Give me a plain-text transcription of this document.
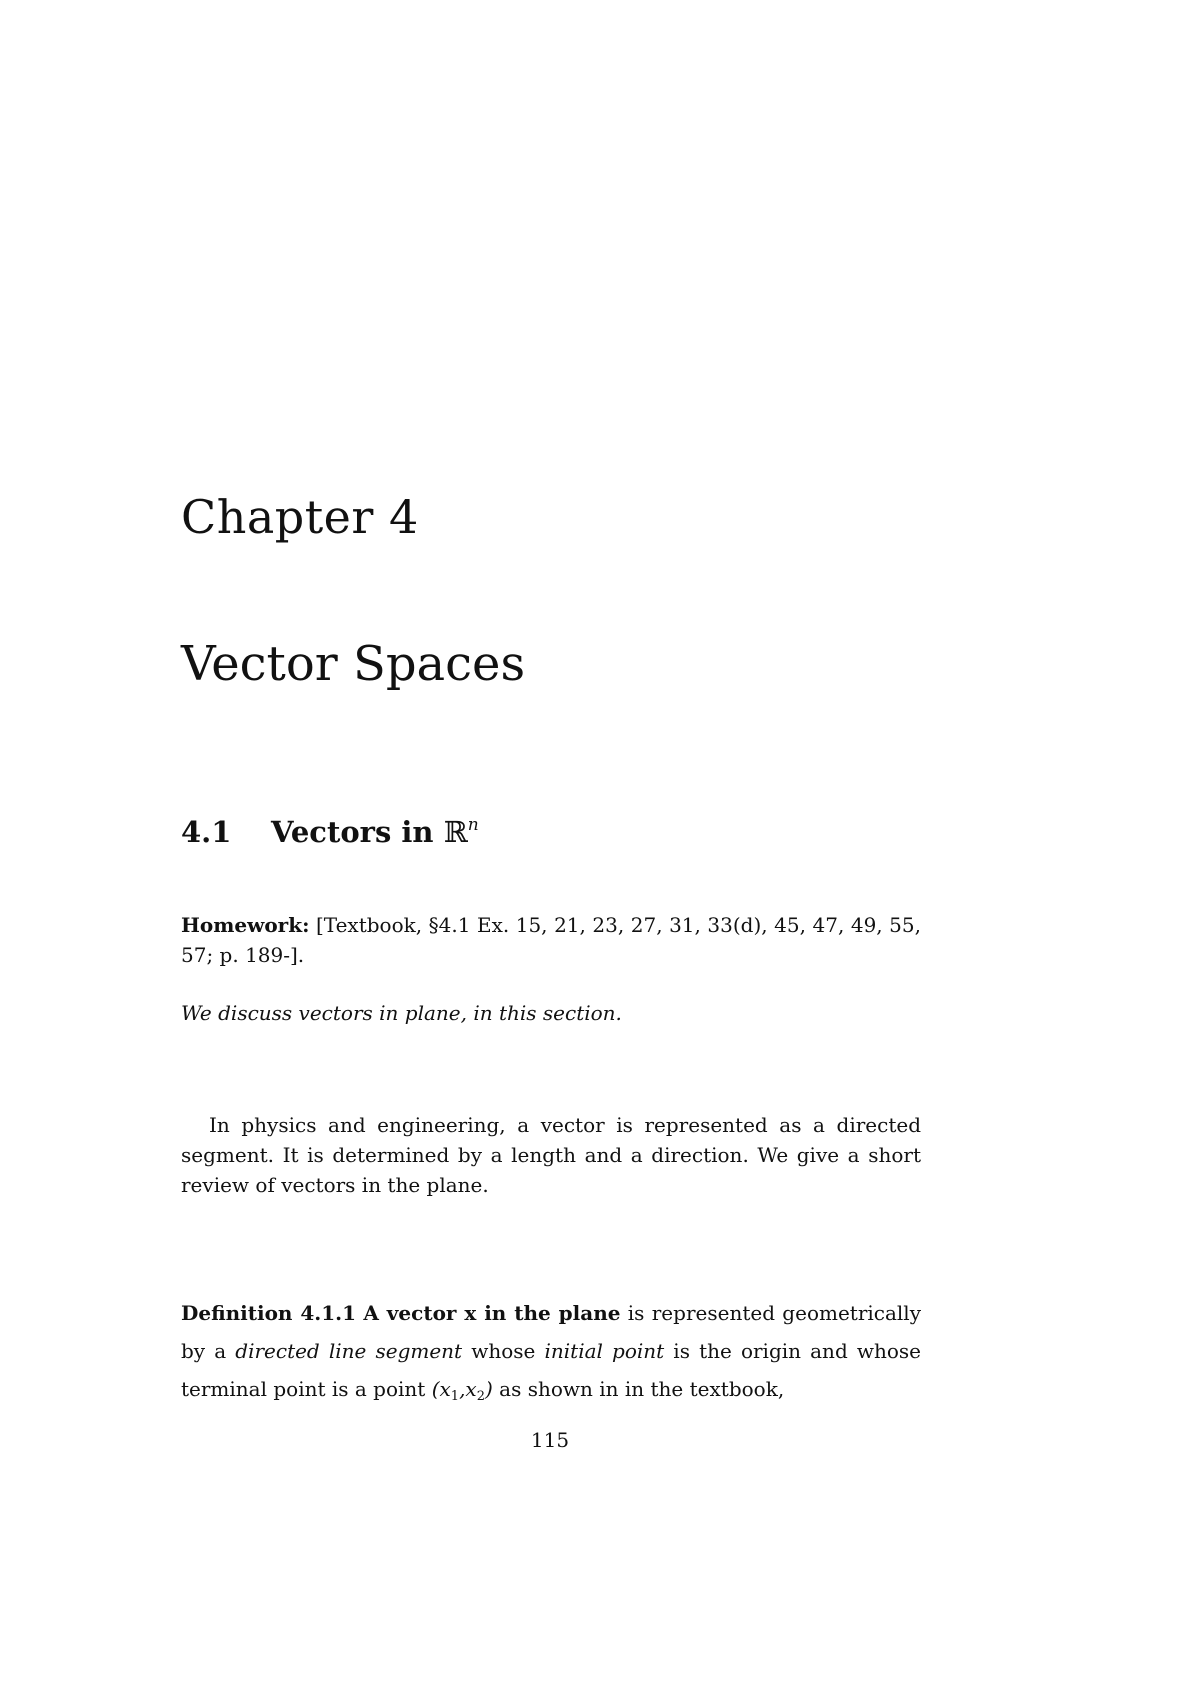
Chapter 4
Vector Spaces
4.1 Vectors in ℝ$^n$
Homework: [Textbook, §4.1 Ex. 15, 21, 23, 27, 31, 33(d), 45, 47, 49, 55, 57; p. 189-].
We discuss vectors in plane, in this section.
In physics and engineering, a vector is represented as a directed segment. It is determined by a length and a direction. We give a short review of vectors in the plane.
Definition 4.1.1 A vector x in the plane is represented geometrically by a directed line segment whose initial point is the origin and whose terminal point is a point $(x_1,x_2)$ as shown in in the textbook,
115
